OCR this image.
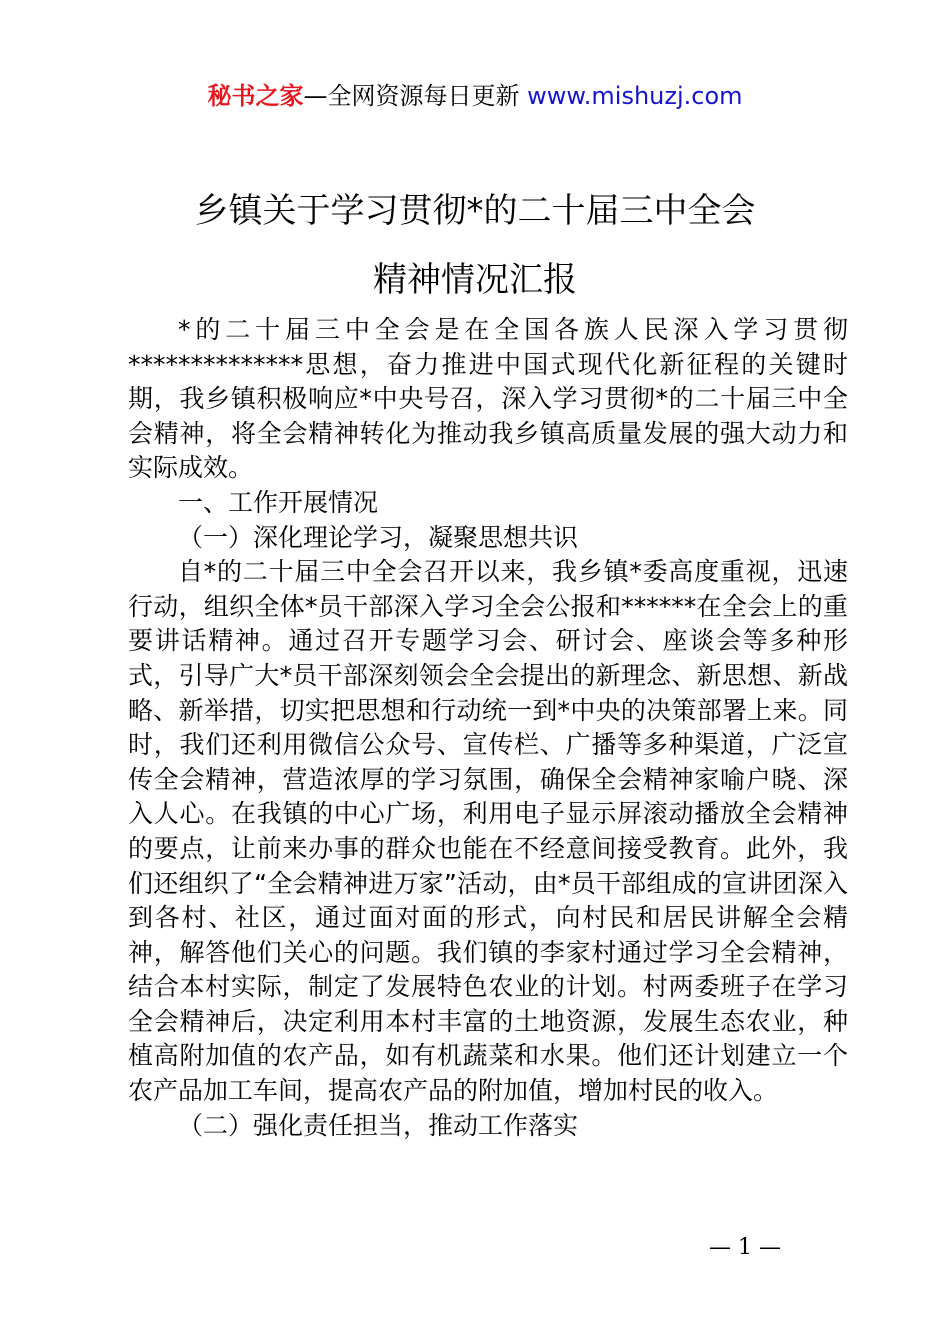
秘书之家—全网资源每日更新 www.mishuzj.com
乡镇关于学习贯彻*的二十届三中全会
精神情况汇报

*的二十届三中全会是在全国各族人民深入学习贯彻**************思想，奋力推进中国式现代化新征程的关键时期，我乡镇积极响应*中央号召，深入学习贯彻*的二十届三中全会精神，将全会精神转化为推动我乡镇高质量发展的强大动力和实际成效。

一、工作开展情况

（一）深化理论学习，凝聚思想共识

自*的二十届三中全会召开以来，我乡镇*委高度重视，迅速行动，组织全体*员干部深入学习全会公报和******在全会上的重要讲话精神。通过召开专题学习会、研讨会、座谈会等多种形式，引导广大*员干部深刻领会全会提出的新理念、新思想、新战略、新举措，切实把思想和行动统一到*中央的决策部署上来。同时，我们还利用微信公众号、宣传栏、广播等多种渠道，广泛宣传全会精神，营造浓厚的学习氛围，确保全会精神家喻户晓、深入人心。在我镇的中心广场，利用电子显示屏滚动播放全会精神的要点，让前来办事的群众也能在不经意间接受教育。此外，我们还组织了“全会精神进万家”活动，由*员干部组成的宣讲团深入到各村、社区，通过面对面的形式，向村民和居民讲解全会精神，解答他们关心的问题。我们镇的李家村通过学习全会精神，结合本村实际，制定了发展特色农业的计划。村两委班子在学习全会精神后，决定利用本村丰富的土地资源，发展生态农业，种植高附加值的农产品，如有机蔬菜和水果。他们还计划建立一个农产品加工车间，提高农产品的附加值，增加村民的收入。

（二）强化责任担当，推动工作落实

— 1 —
